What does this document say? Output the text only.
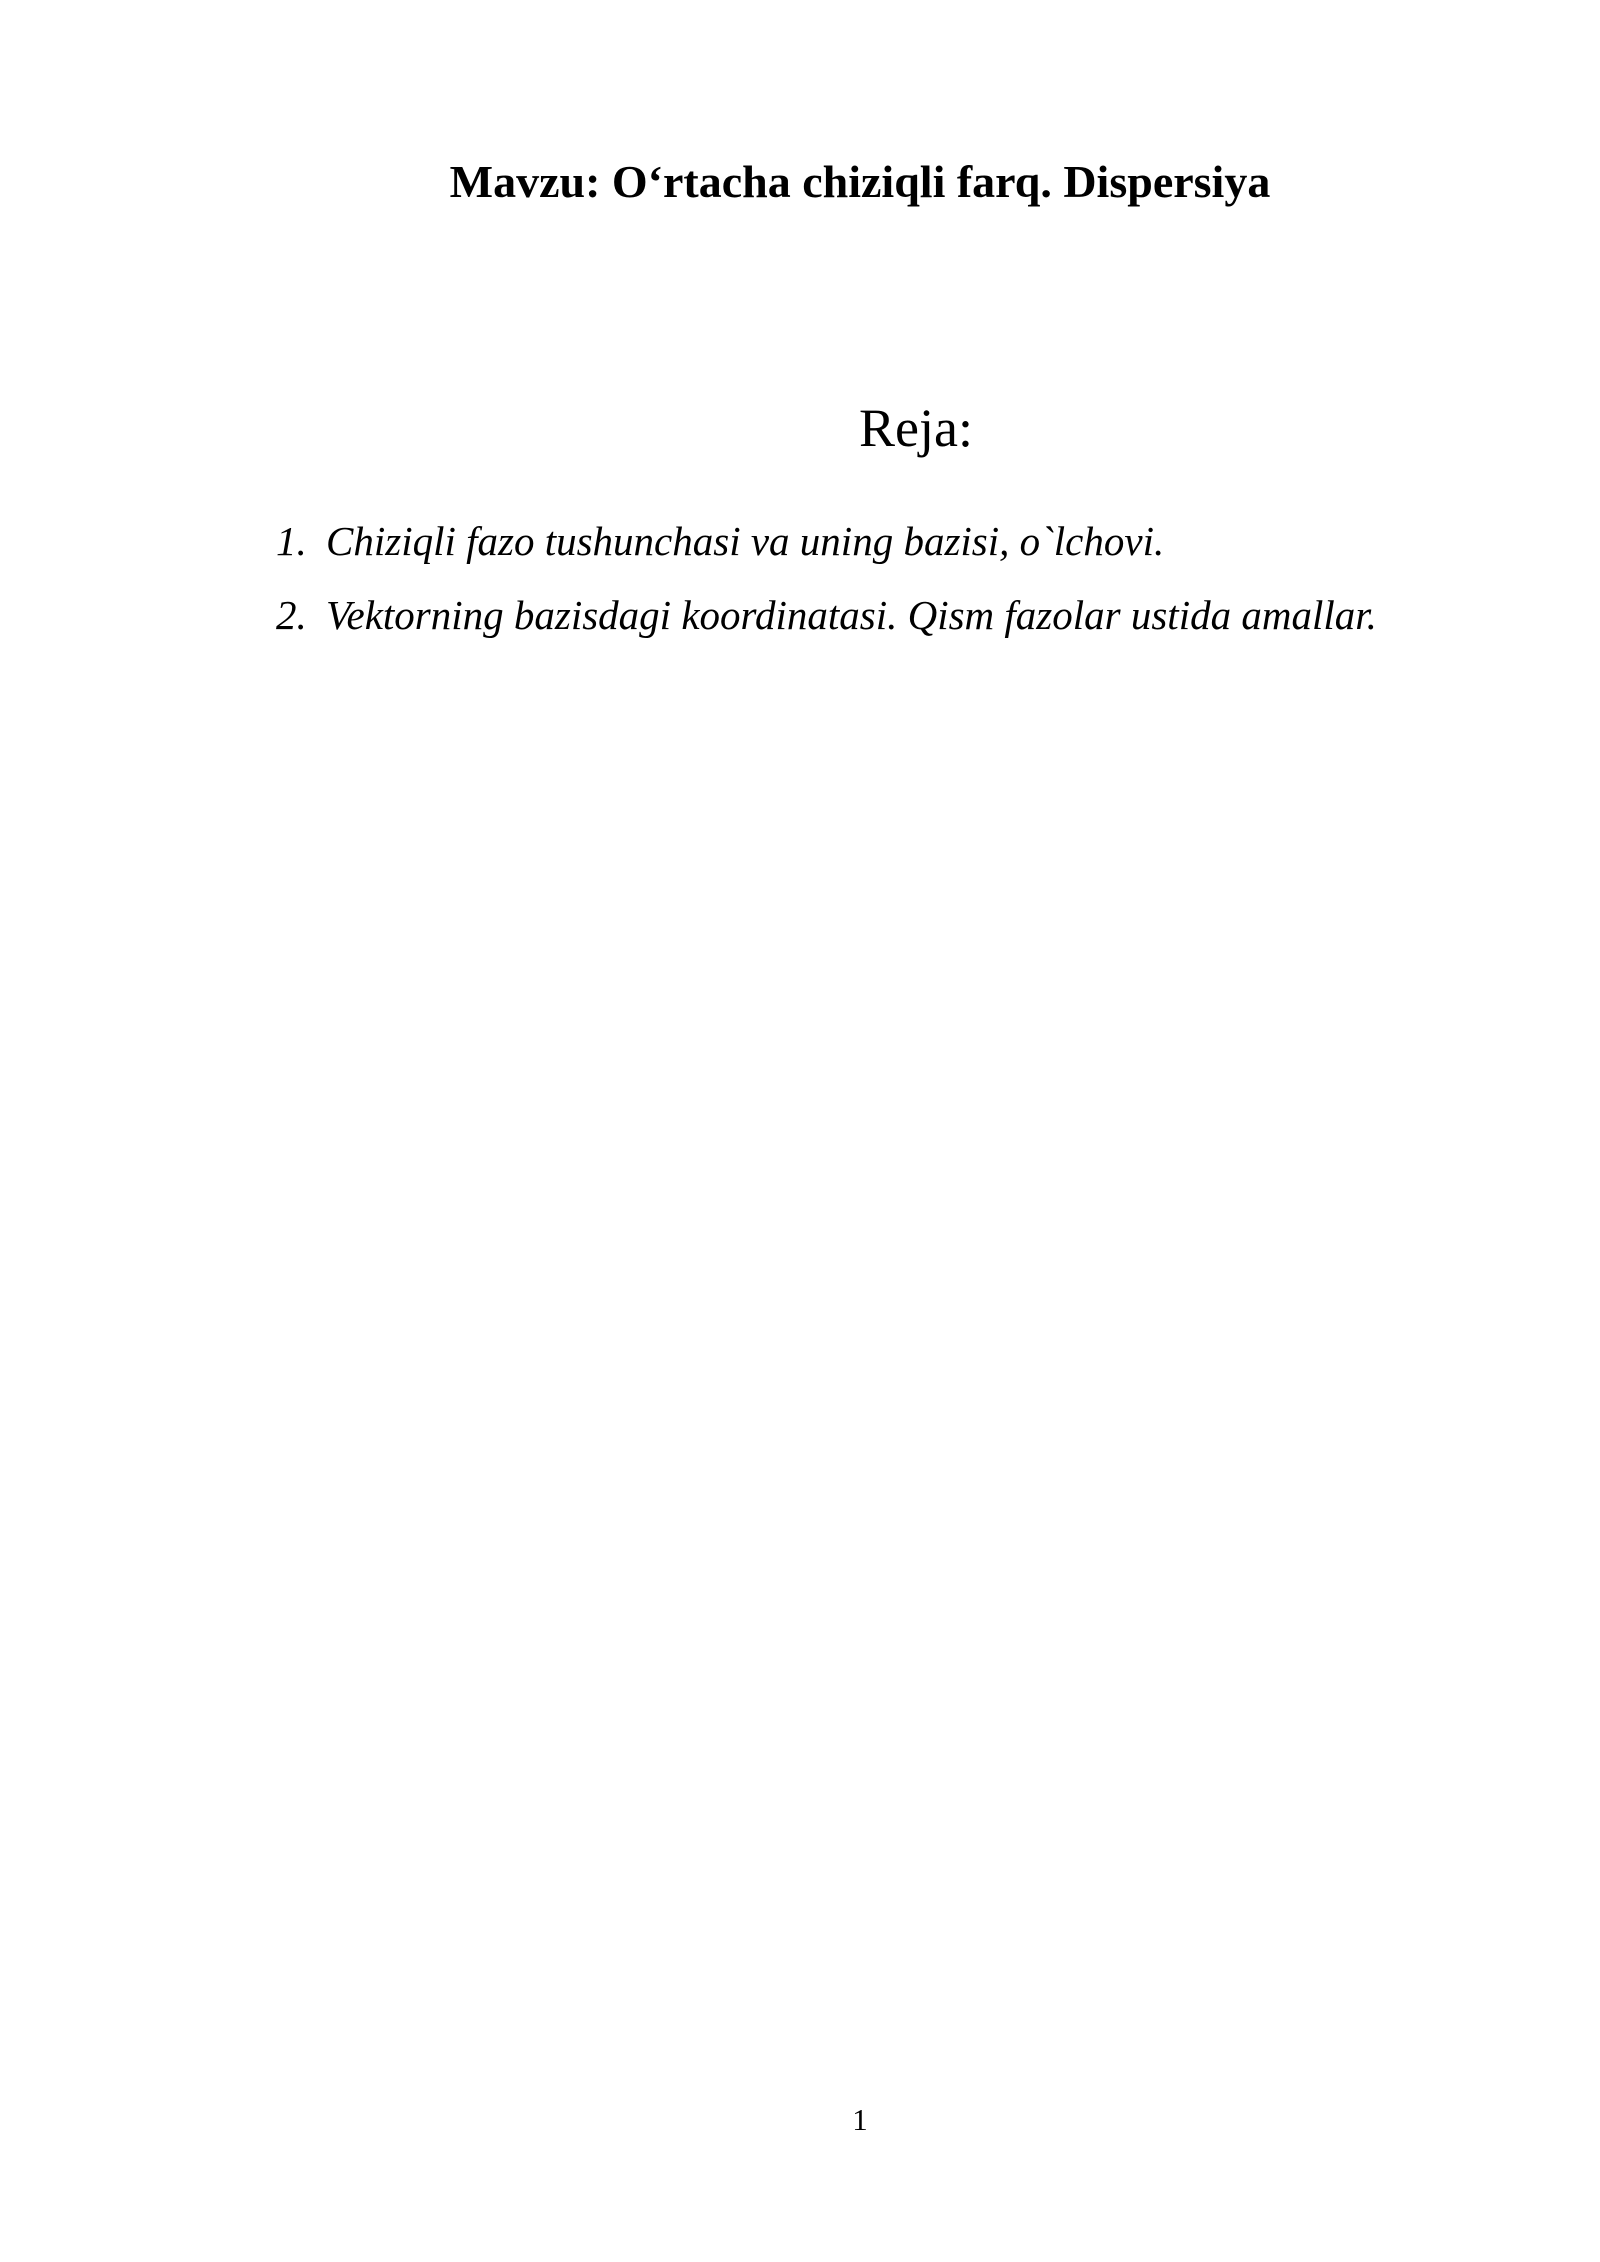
Mavzu: O‘rtacha chiziqli farq. Dispersiya
Reja:
1. Chiziqli fazo tushunchasi va uning bazisi, o`lchovi.
2. Vektorning bazisdagi koordinatasi. Qism fazolar ustida amallar.
1
